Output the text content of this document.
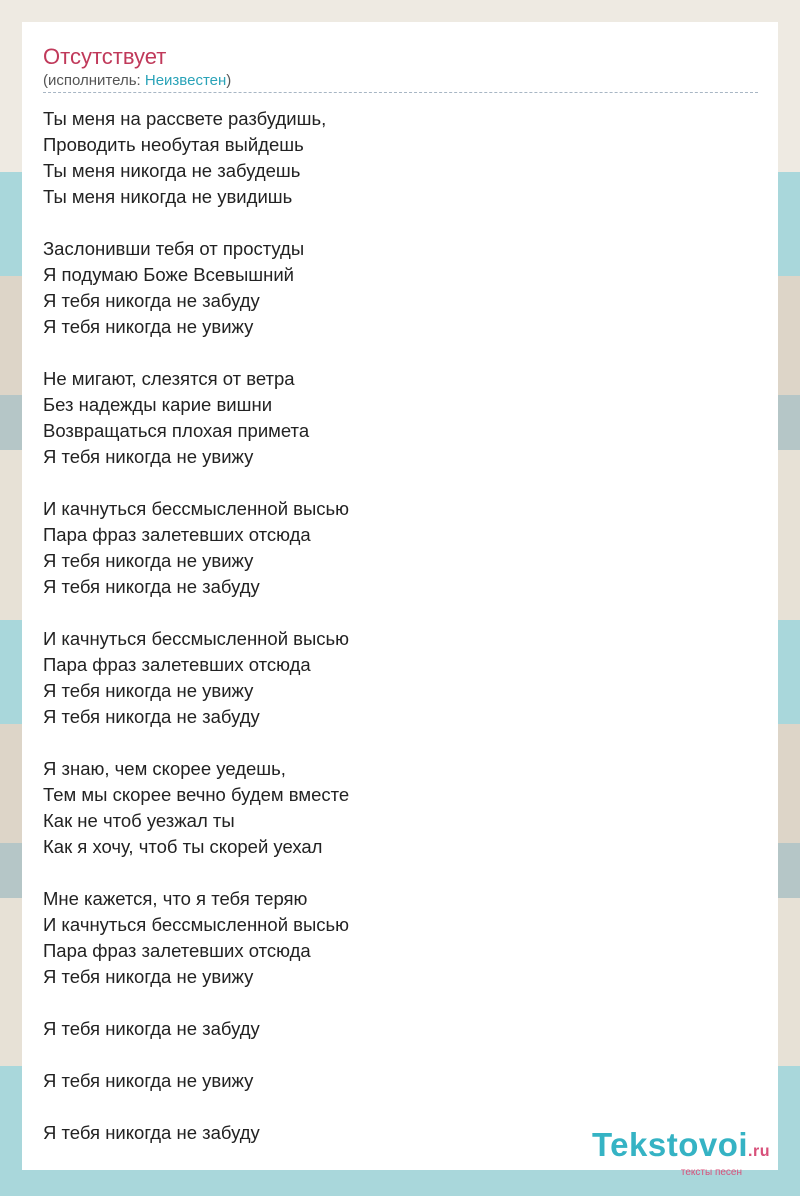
Отсутствует
(исполнитель: Неизвестен)
Ты меня на рассвете разбудишь,
Проводить необутая выйдешь
Ты меня никогда не забудешь
Ты меня никогда не увидишь
Заслонивши тебя от простуды
Я подумаю Боже Всевышний
Я тебя никогда не забуду
Я тебя никогда не увижу
Не мигают, слезятся от ветра
Без надежды карие вишни
Возвращаться плохая примета
Я тебя никогда не увижу
И качнуться бессмысленной высью
Пара фраз залетевших отсюда
Я тебя никогда не увижу
Я тебя никогда не забуду
И качнуться бессмысленной высью
Пара фраз залетевших отсюда
Я тебя никогда не увижу
Я тебя никогда не забуду
Я знаю, чем скорее уедешь,
Тем мы скорее вечно будем вместе
Как не чтоб уезжал ты
Как я хочу, чтоб ты скорей уехал
Мне кажется, что я тебя теряю
И качнуться бессмысленной высью
Пара фраз залетевших отсюда
Я тебя никогда не увижу
Я тебя никогда не забуду
Я тебя никогда не увижу
Я тебя никогда не забуду	Tekstovoi.ru
тексты песен
